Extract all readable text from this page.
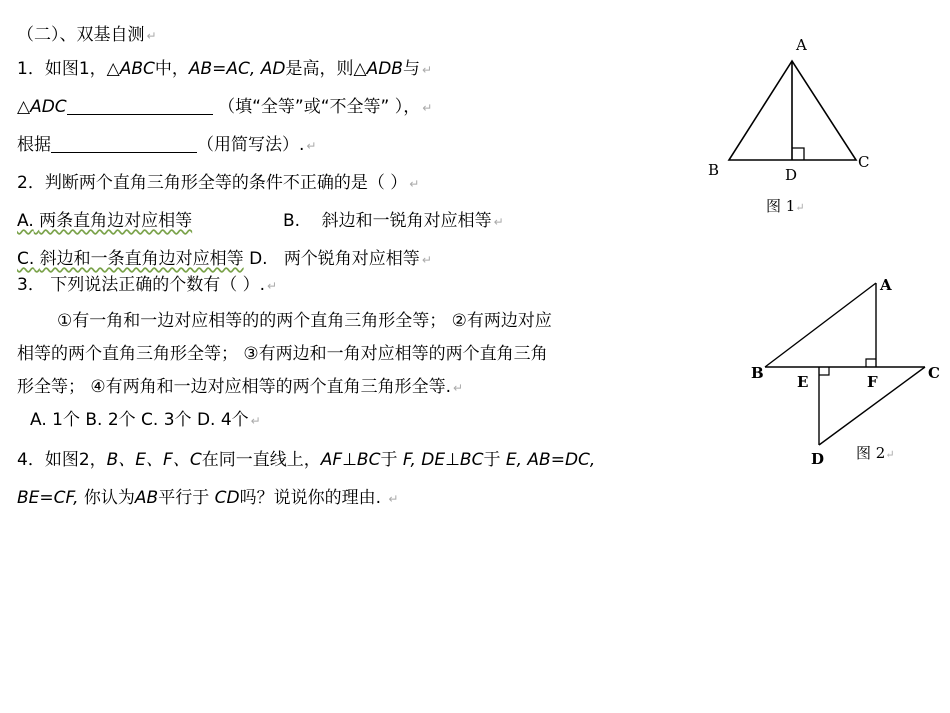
（二）、双基自测 ↵
1．如图1，△ABC中，AB=AC, AD是高，则△ADB与 ↵
△ADC	（填“全等”或“不全等” ）， ↵
根据	（用简写法）. ↵
2．判断两个直角三角形全等的条件不正确的是（ ） ↵
A. 两条直角边对应相等	B. 斜边和一锐角对应相等 ↵
C. 斜边和一条直角边对应相等 D. 两个锐角对应相等 ↵
3． 下列说法正确的个数有（ ）. ↵
①有一角和一边对应相等的的两个直角三角形全等； ②有两边对应
相等的两个直角三角形全等； ③有两边和一角对应相等的两个直角三角
形全等； ④有两角和一边对应相等的两个直角三角形全等. ↵
A. 1个 B. 2个 C. 3个 D. 4个 ↵
4．如图2，B、E、F、C在同一直线上，AF⊥BC于 F, DE⊥BC于 E, AB=DC,
BE=CF, 你认为AB平行于 CD吗？说说你的理由. ↵
A
B	C
D
图 1↵
A
B	C
D
E	F
图 2↵
